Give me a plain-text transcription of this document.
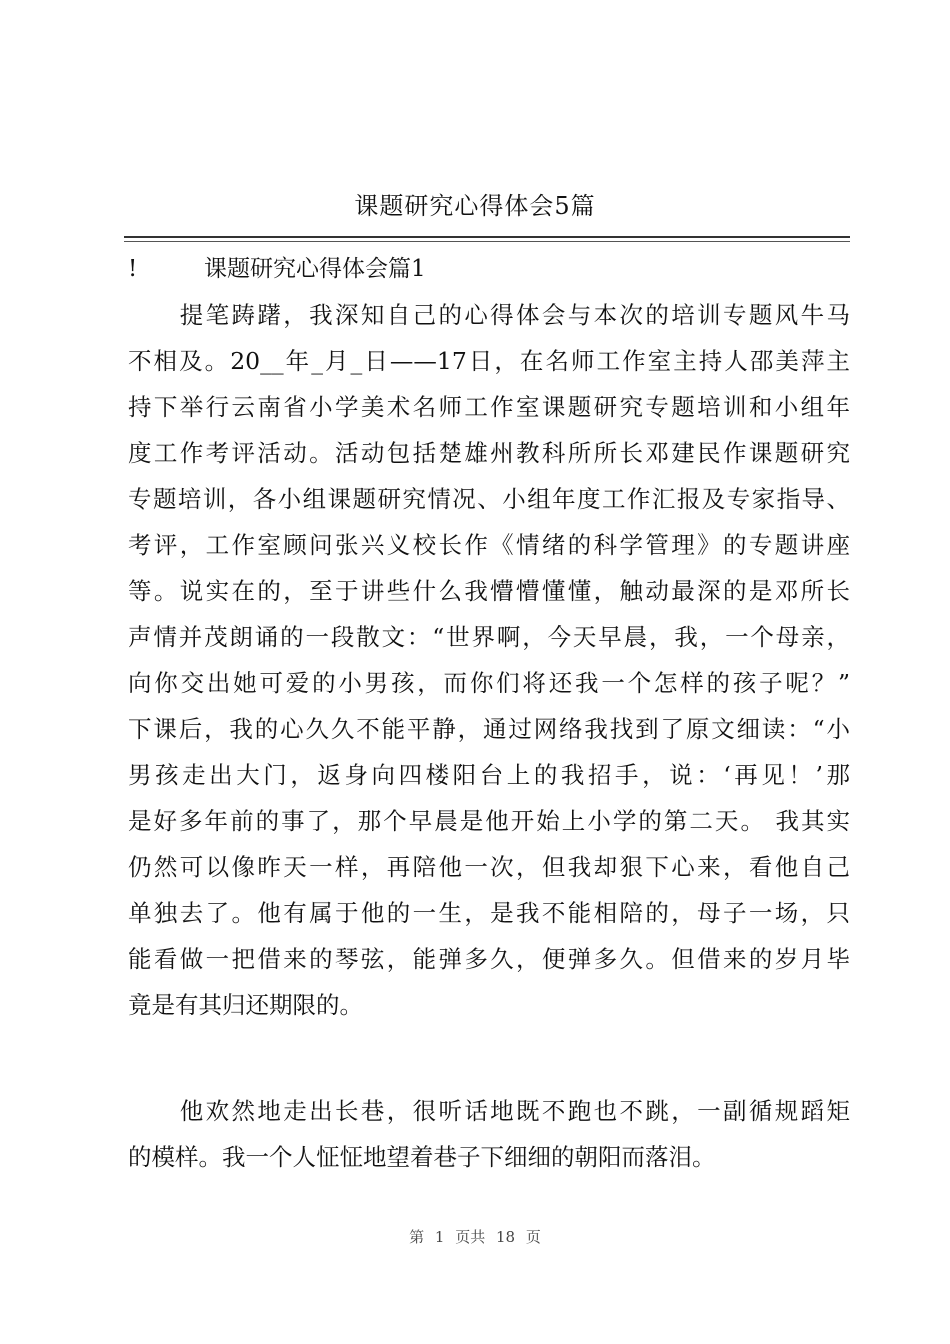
课题研究心得体会5篇
!	课题研究心得体会篇1
　　提笔踌躇，我深知自己的心得体会与本次的培训专题风牛马
不相及。20__年_月_日——17日，在名师工作室主持人邵美萍主
持下举行云南省小学美术名师工作室课题研究专题培训和小组年
度工作考评活动。活动包括楚雄州教科所所长邓建民作课题研究
专题培训，各小组课题研究情况、小组年度工作汇报及专家指导、
考评，工作室顾问张兴义校长作《情绪的科学管理》的专题讲座
等。说实在的，至于讲些什么我懵懵懂懂，触动最深的是邓所长
声情并茂朗诵的一段散文：“世界啊，今天早晨，我，一个母亲，
向你交出她可爱的小男孩，而你们将还我一个怎样的孩子呢？”
下课后，我的心久久不能平静，通过网络我找到了原文细读：“小
男孩走出大门，返身向四楼阳台上的我招手，说：‘再见！’那
是好多年前的事了，那个早晨是他开始上小学的第二天。 我其实
仍然可以像昨天一样，再陪他一次，但我却狠下心来，看他自己
单独去了。他有属于他的一生，是我不能相陪的，母子一场，只
能看做一把借来的琴弦，能弹多久，便弹多久。但借来的岁月毕
竟是有其归还期限的。
　　他欢然地走出长巷，很听话地既不跑也不跳，一副循规蹈矩
的模样。我一个人怔怔地望着巷子下细细的朝阳而落泪。
第 1 页共 18 页
